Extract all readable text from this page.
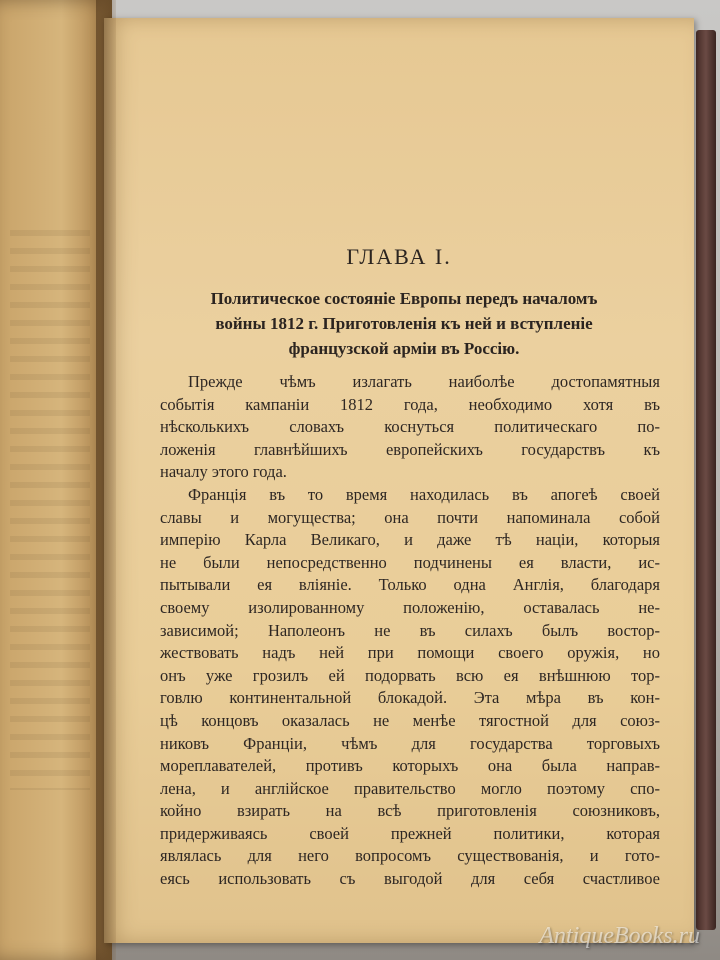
ГЛАВА I.
Политическое состоянiе Европы передъ началомъ
войны 1812 г. Приготовленiя къ ней и вступленiе
французской армiи въ Россiю.
Прежде чѣмъ излагать наиболѣе достопамятныя
событiя кампанiи 1812 года, необходимо хотя въ
нѣсколькихъ словахъ коснуться политическаго по-
ложенiя главнѣйшихъ европейскихъ государствъ къ
началу этого года.
Францiя въ то время находилась въ апогеѣ своей
славы и могущества; она почти напоминала собой
имперiю Карла Великаго, и даже тѣ нацiи, которыя
не были непосредственно подчинены ея власти, ис-
пытывали ея влiянiе. Только одна Англiя, благодаря
своему изолированному положенiю, оставалась не-
зависимой; Наполеонъ не въ силахъ былъ востор-
жествовать надъ ней при помощи своего оружiя, но
онъ уже грозилъ ей подорвать всю ея внѣшнюю тор-
говлю континентальной блокадой. Эта мѣра въ кон-
цѣ концовъ оказалась не менѣе тягостной для союз-
никовъ Францiи, чѣмъ для государства торговыхъ
мореплавателей, противъ которыхъ она была направ-
лена, и англiйское правительство могло поэтому спо-
койно взирать на всѣ приготовленiя союзниковъ,
придерживаясь своей прежней политики, которая
являлась для него вопросомъ существованiя, и гото-
еясь использовать съ выгодой для себя счастливое
AntiqueBooks.ru
